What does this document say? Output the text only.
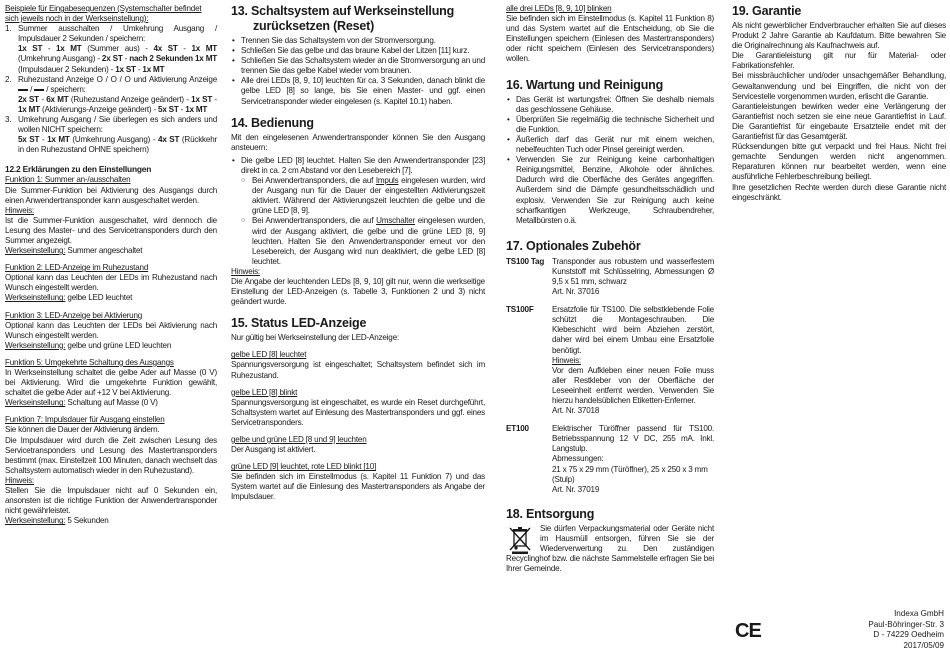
Beispiele für Eingabesequenzen (Systemschalter befindet sich jeweils noch in der Werkseinstellung):
1. Summer ausschalten / Umkehrung Ausgang / Impulsdauer 2 Sekunden / speichern:
1x ST - 1x MT (Summer aus) - 4x ST - 1x MT (Umkehrung Ausgang) - 2x ST - nach 2 Sekunden 1x MT (Impulsdauer 2 Sekunden) - 1x ST - 1x MT
2. Ruhezustand Anzeige O / O / O und Aktivierung Anzeige  / / speichern:
2x ST - 6x MT (Ruhezustand Anzeige geändert) - 1x ST - 1x MT (Aktivierungs-Anzeige geändert) - 5x ST - 1x MT
3. Umkehrung Ausgang / Sie überlegen es sich anders und wollen NICHT speichern:
5x ST - 1x MT (Umkehrung Ausgang) - 4x ST (Rückkehr in den Ruhezustand OHNE speichern)
12.2 Erklärungen zu den Einstellungen
Funktion 1: Summer an-/ausschalten
Die Summer-Funktion bei Aktivierung des Ausgangs durch einen Anwendertransponder kann ausgeschaltet werden.
Hinweis:
Ist die Summer-Funktion ausgeschaltet, wird dennoch die Lesung des Master- und des Servicetransponders durch den Summer angezeigt.
Werkseinstellung: Summer angeschaltet
Funktion 2: LED-Anzeige im Ruhezustand
Optional kann das Leuchten der LEDs im Ruhezustand nach Wunsch eingestellt werden.
Werkseinstellung: gelbe LED leuchtet
Funktion 3: LED-Anzeige bei Aktivierung
Optional kann das Leuchten der LEDs bei Aktivierung nach Wunsch eingestellt werden.
Werkseinstellung: gelbe und grüne LED leuchten
Funktion 5: Umgekehrte Schaltung des Ausgangs
In Werkseinstellung schaltet die gelbe Ader auf Masse (0 V) bei Aktivierung. Wird die umgekehrte Funktion gewählt, schaltet die gelbe Ader auf +12 V bei Aktivierung.
Werkseinstellung: Schaltung auf Masse (0 V)
Funktion 7: Impulsdauer für Ausgang einstellen
Sie können die Dauer der Aktivierung ändern.
Die Impulsdauer wird durch die Zeit zwischen Lesung des Servicetransponders und Lesung des Mastertransponders bestimmt (max. Einstellzeit 100 Minuten, danach wechselt das Schaltsystem automatisch wieder in den Ruhezustand).
Hinweis:
Stellen Sie die Impulsdauer nicht auf 0 Sekunden ein, ansonsten ist die richtige Funktion der Anwendertransponder nicht gewährleistet.
Werkseinstellung: 5 Sekunden
13. Schaltsystem auf Werkseinstellung
zurücksetzen (Reset)
• Trennen Sie das Schaltsystem von der Stromversorgung.
• Schließen Sie das gelbe und das braune Kabel der Litzen [11] kurz.
• Schließen Sie das Schaltsystem wieder an die Stromversorgung an und trennen Sie das gelbe Kabel wieder vom braunen.
• Alle drei LEDs [8, 9, 10] leuchten für ca. 3 Sekunden, danach blinkt die gelbe LED [8] so lange, bis Sie einen Master- und ggf. einen Servicetransponder wieder eingelesen (s. Kapitel 10.1) haben.
14. Bedienung
Mit den eingelesenen Anwendertransponder können Sie den Ausgang ansteuern:
• Die gelbe LED [8] leuchtet. Halten Sie den Anwendertransponder [23] direkt in ca. 2 cm Abstand vor den Lesebereich [7].
○ Bei Anwendertransponders, die auf Impuls eingelesen wurden, wird der Ausgang nun für die Dauer der eingestellten Aktivierungszeit aktiviert. Während der Aktivierungszeit leuchten die gelbe und die grüne LED [8, 9].
○ Bei Anwendertransponders, die auf Umschalter eingelesen wurden, wird der Ausgang aktiviert, die gelbe und die grüne LED [8, 9] leuchten. Halten Sie den Anwendertransponder erneut vor den Lesebereich, der Ausgang wird nun deaktiviert, die gelbe LED [8] leuchtet.
Hinweis:
Die Angabe der leuchtenden LEDs [8, 9, 10] gilt nur, wenn die werkseitige Einstellung der LED-Anzeigen (s. Tabelle 3, Funktionen 2 und 3) nicht geändert wurde.
15. Status LED-Anzeige
Nur gültig bei Werkseinstellung der LED-Anzeige:
gelbe LED [8] leuchtet
Spannungsversorgung ist eingeschaltet; Schaltsystem befindet sich im Ruhezustand.
gelbe LED [8] blinkt
Spannungsversorgung ist eingeschaltet, es wurde ein Reset durchgeführt, Schaltsystem wartet auf Einlesung des Mastertransponders und ggf. eines Servicetransponders.
gelbe und grüne LED [8 und 9] leuchten
Der Ausgang ist aktiviert.
grüne LED [9] leuchtet, rote LED blinkt [10]
Sie befinden sich im Einstellmodus (s. Kapitel 11 Funktion 7) und das System wartet auf die Einlesung des Mastertransponders als Angabe der Impulsdauer.
alle drei LEDs [8, 9, 10] blinken
Sie befinden sich im Einstellmodus (s. Kapitel 11 Funktion 8) und das System wartet auf die Entscheidung, ob Sie die Einstellungen speichern (Einlesen des Mastertransponders) oder nicht speichern (Einlesen des Servicetransponders) wollen.
16. Wartung und Reinigung
• Das Gerät ist wartungsfrei: Öffnen Sie deshalb niemals das geschlossene Gehäuse.
• Überprüfen Sie regelmäßig die technische Sicherheit und die Funktion.
• Äußerlich darf das Gerät nur mit einem weichen, nebelfeuchten Tuch oder Pinsel gereinigt werden.
• Verwenden Sie zur Reinigung keine carbonhaltigen Reinigungsmittel, Benzine, Alkohole oder ähnliches. Dadurch wird die Oberfläche des Gerätes angegriffen. Außerdem sind die Dämpfe gesundheitsschädlich und explosiv. Verwenden Sie zur Reinigung auch keine scharfkantigen Werkzeuge, Schraubendreher, Metallbürsten o.ä.
17. Optionales Zubehör
TS100 Tag Transponder aus robustem und wasserfestem Kunststoff mit Schlüsselring, Abmessungen Ø 9,5 x 51 mm, schwarz
Art. Nr. 37016
TS100F	Ersatzfolie für TS100. Die selbstklebende Folie schützt die Montageschrauben. Die Klebeschicht wird beim Abziehen zerstört, daher wird bei einem Umbau eine Ersatzfolie benötigt.
Hinweis:
Vor dem Aufkleben einer neuen Folie muss aller Restkleber von der Oberfläche der Leseeinheit entfernt werden. Verwenden Sie hierzu handelsüblichen Etiketten-Enferner.
Art. Nr. 37018
ET100	Elektrischer Türöffner passend für TS100. Betriebsspannung 12 V DC, 255 mA. Inkl. Langstulp.
Abmessungen:
21 x 75 x 29 mm (Türöffner), 25 x 250 x 3 mm (Stulp)
Art. Nr. 37019
18. Entsorgung
Sie dürfen Verpackungsmaterial oder Geräte nicht im Hausmüll entsorgen, führen Sie sie der Wiederverwertung zu. Den zuständigen Recyclinghof bzw. die nächste Sammelstelle erfragen Sie bei Ihrer Gemeinde.
19. Garantie
Als nicht gewerblicher Endverbraucher erhalten Sie auf dieses Produkt 2 Jahre Garantie ab Kaufdatum. Bitte bewahren Sie die Originalrechnung als Kaufnachweis auf.
Die Garantieleistung gilt nur für Material- oder Fabrikationsfehler.
Bei missbräuchlicher und/oder unsachgemäßer Behandlung, Gewaltanwendung und bei Eingriffen, die nicht von der Servicestelle vorgenommen wurden, erlischt die Garantie.
Garantieleistungen bewirken weder eine Verlängerung der Garantiefrist noch setzen sie eine neue Garantiefrist in Lauf. Die Garantiefrist für eingebaute Ersatzteile endet mit der Garantiefrist für das Gesamtgerät.
Rücksendungen bitte gut verpackt und frei Haus. Nicht frei gemachte Sendungen werden nicht angenommen. Reparaturen können nur bearbeitet werden, wenn eine ausführliche Fehlerbeschreibung beiliegt.
Ihre gesetzlichen Rechte werden durch diese Garantie nicht eingeschränkt.
CE
Indexa GmbH
Paul-Böhringer-Str. 3
D - 74229 Oedheim
2017/05/09
